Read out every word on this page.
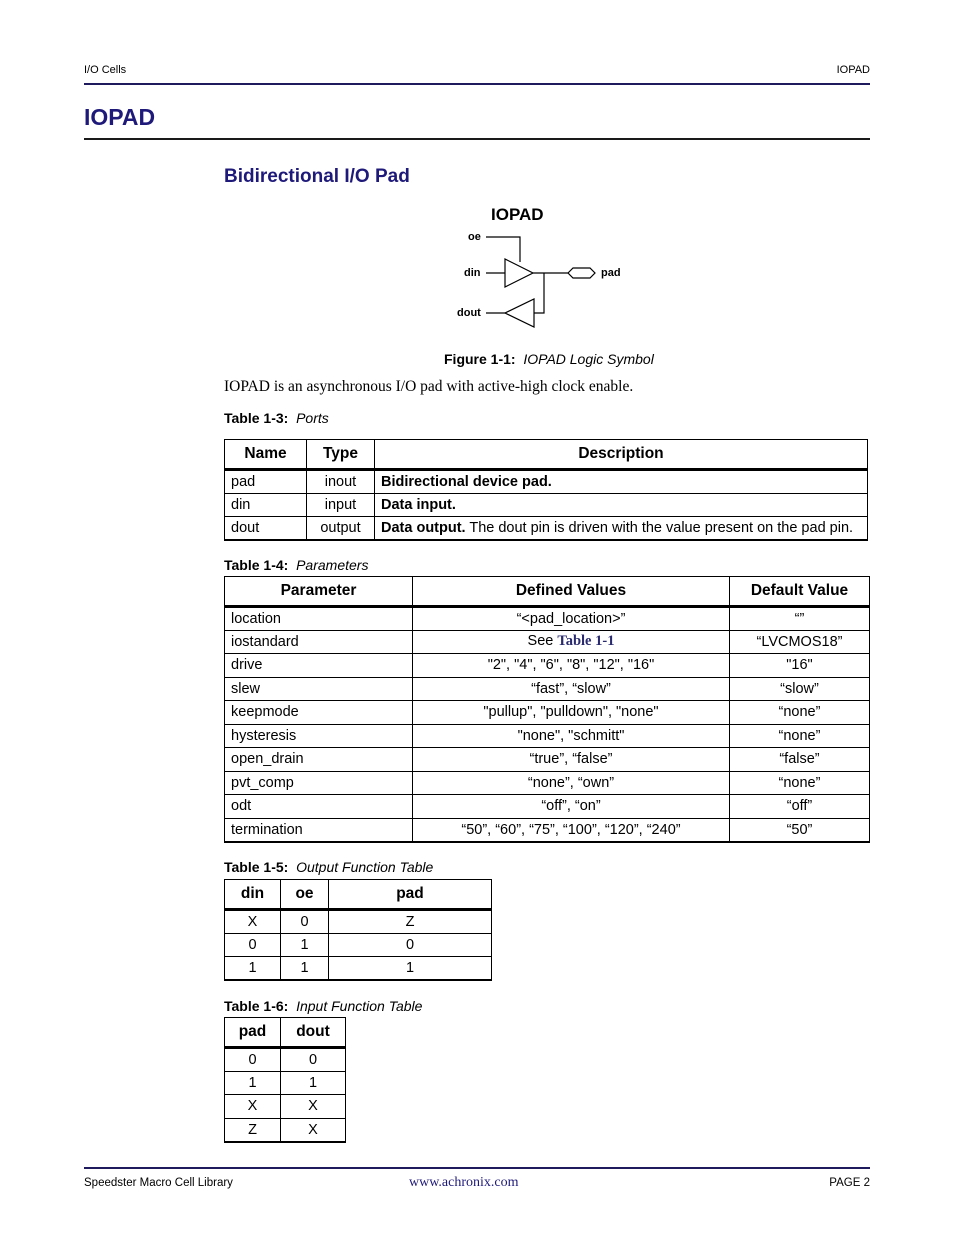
I/O Cells	IOPAD
IOPAD
Bidirectional I/O Pad
IOPAD
oe
din	pad
dout
Figure 1-1: IOPAD Logic Symbol
IOPAD is an asynchronous I/O pad with active-high clock enable.
Table 1-3: Ports
Name	Type	Description
pad	inout	Bidirectional device pad.
din	input	Data input.
dout	output	Data output. The dout pin is driven with the value present on the pad pin.
Table 1-4: Parameters
Parameter	Defined Values	Default Value
location	“<pad_location>”	“”
iostandard	See Table 1-1	“LVCMOS18”
drive	"2", "4", "6", "8", "12", "16"	"16"
slew	“fast”, “slow”	“slow”
keepmode	"pullup", "pulldown", "none"	“none”
hysteresis	"none", "schmitt"	“none”
open_drain	“true”, “false”	“false”
pvt_comp	“none”, “own”	“none”
odt	“off”, “on”	“off”
termination	“50”, “60”, “75”, “100”, “120”, “240”	“50”
Table 1-5: Output Function Table
din	oe	pad
X	0	Z
0	1	0
1	1	1
Table 1-6: Input Function Table
pad	dout
0	0
1	1
X	X
Z	X
Speedster Macro Cell Library	www.achronix.com	PAGE 2
